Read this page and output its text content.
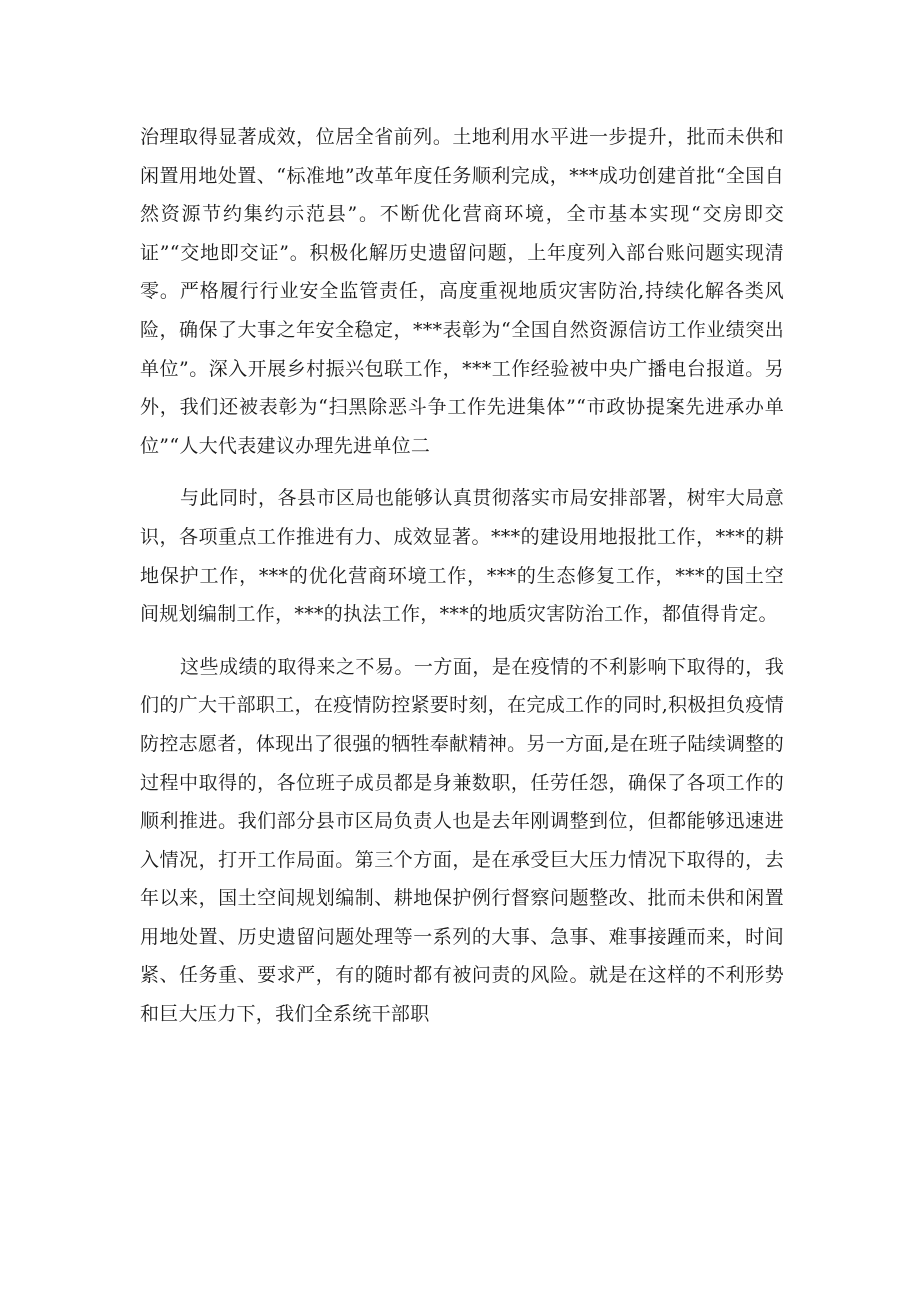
治理取得显著成效，位居全省前列。土地利用水平进一步提升，批而未供和闲置用地处置、“标准地”改革年度任务顺利完成，***成功创建首批“全国自然资源节约集约示范县”。不断优化营商环境，全市基本实现“交房即交证”“交地即交证”。积极化解历史遗留问题，上年度列入部台账问题实现清零。严格履行行业安全监管责任，高度重视地质灾害防治,持续化解各类风险，确保了大事之年安全稳定，***表彰为“全国自然资源信访工作业绩突出单位”。深入开展乡村振兴包联工作，***工作经验被中央广播电台报道。另外，我们还被表彰为“扫黑除恶斗争工作先进集体”“市政协提案先进承办单位”“人大代表建议办理先进单位二

与此同时，各县市区局也能够认真贯彻落实市局安排部署，树牢大局意识，各项重点工作推进有力、成效显著。***的建设用地报批工作，***的耕地保护工作，***的优化营商环境工作，***的生态修复工作，***的国土空间规划编制工作，***的执法工作，***的地质灾害防治工作，都值得肯定。

这些成绩的取得来之不易。一方面，是在疫情的不利影响下取得的，我们的广大干部职工，在疫情防控紧要时刻，在完成工作的同时,积极担负疫情防控志愿者，体现出了很强的牺牲奉献精神。另一方面,是在班子陆续调整的过程中取得的，各位班子成员都是身兼数职，任劳任怨，确保了各项工作的顺利推进。我们部分县市区局负责人也是去年刚调整到位，但都能够迅速进入情况，打开工作局面。第三个方面，是在承受巨大压力情况下取得的，去年以来，国土空间规划编制、耕地保护例行督察问题整改、批而未供和闲置用地处置、历史遗留问题处理等一系列的大事、急事、难事接踵而来，时间紧、任务重、要求严，有的随时都有被问责的风险。就是在这样的不利形势和巨大压力下，我们全系统干部职
